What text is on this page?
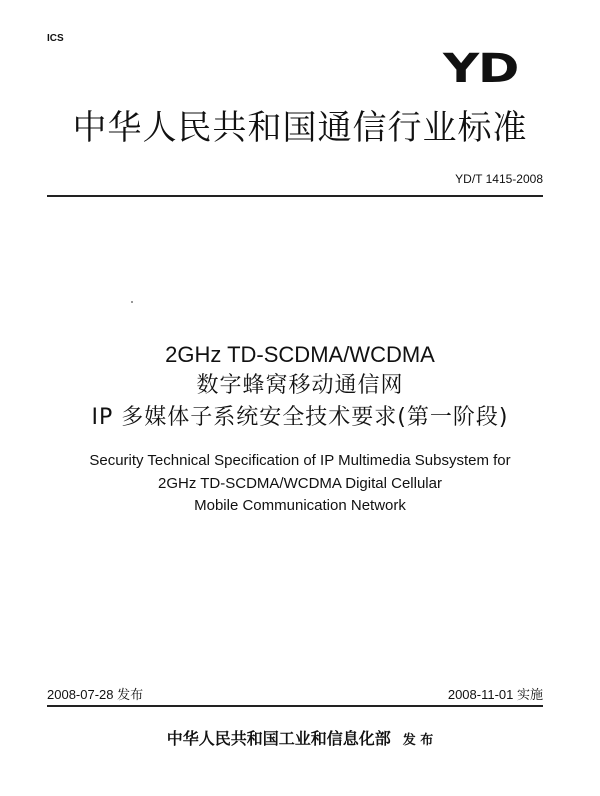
ICS
YD
中华人民共和国通信行业标准
YD/T 1415-2008
2GHz TD-SCDMA/WCDMA
数字蜂窝移动通信网
IP 多媒体子系统安全技术要求(第一阶段)
Security Technical Specification of IP Multimedia Subsystem for
2GHz TD-SCDMA/WCDMA Digital Cellular
Mobile Communication Network
2008-07-28 发布	2008-11-01 实施
中华人民共和国工业和信息化部 发 布
